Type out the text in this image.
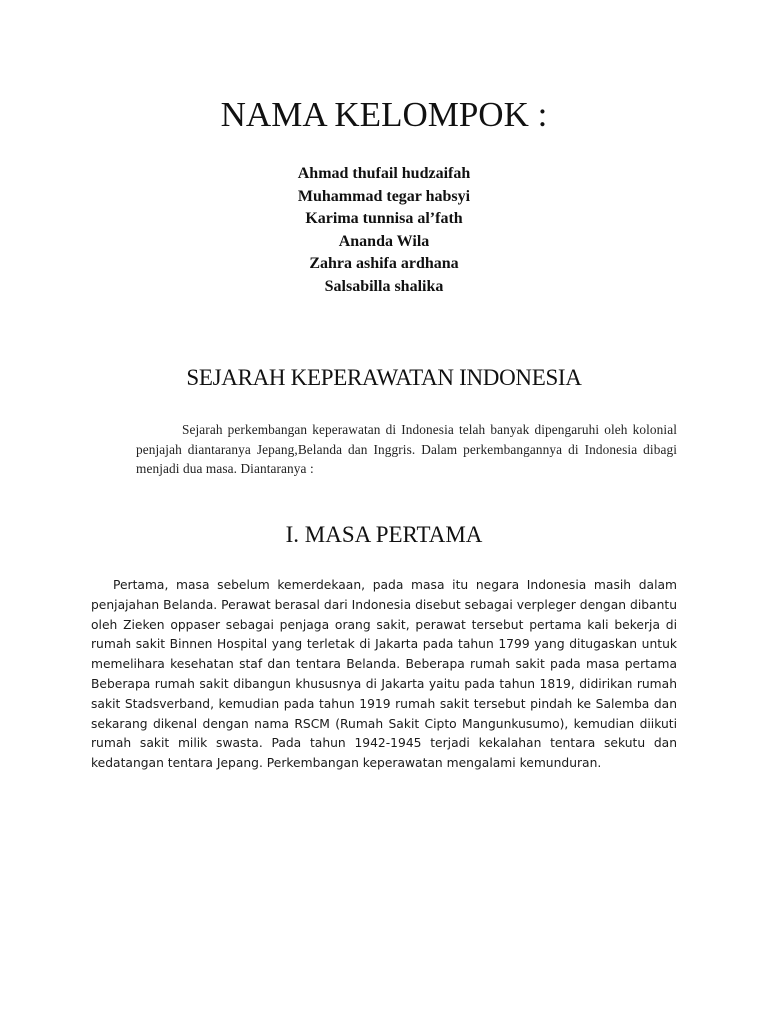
NAMA KELOMPOK :
Ahmad thufail hudzaifah
Muhammad tegar habsyi
Karima tunnisa al’fath
Ananda Wila
Zahra ashifa ardhana
Salsabilla shalika
SEJARAH KEPERAWATAN INDONESIA

Sejarah perkembangan keperawatan di Indonesia telah banyak dipengaruhi oleh kolonial penjajah diantaranya Jepang,Belanda dan Inggris. Dalam perkembangannya di Indonesia dibagi menjadi dua masa. Diantaranya :

I. MASA PERTAMA

Pertama, masa sebelum kemerdekaan, pada masa itu negara Indonesia masih dalam penjajahan Belanda. Perawat berasal dari Indonesia disebut sebagai verpleger dengan dibantu oleh Zieken oppaser sebagai penjaga orang sakit, perawat tersebut pertama kali bekerja di rumah sakit Binnen Hospital yang terletak di Jakarta pada tahun 1799 yang ditugaskan untuk memelihara kesehatan staf dan tentara Belanda. Beberapa rumah sakit pada masa pertama Beberapa rumah sakit dibangun khususnya di Jakarta yaitu pada tahun 1819, didirikan rumah sakit Stadsverband, kemudian pada tahun 1919 rumah sakit tersebut pindah ke Salemba dan sekarang dikenal dengan nama RSCM (Rumah Sakit Cipto Mangunkusumo), kemudian diikuti rumah sakit milik swasta. Pada tahun 1942-1945 terjadi kekalahan tentara sekutu dan kedatangan tentara Jepang. Perkembangan keperawatan mengalami kemunduran.
